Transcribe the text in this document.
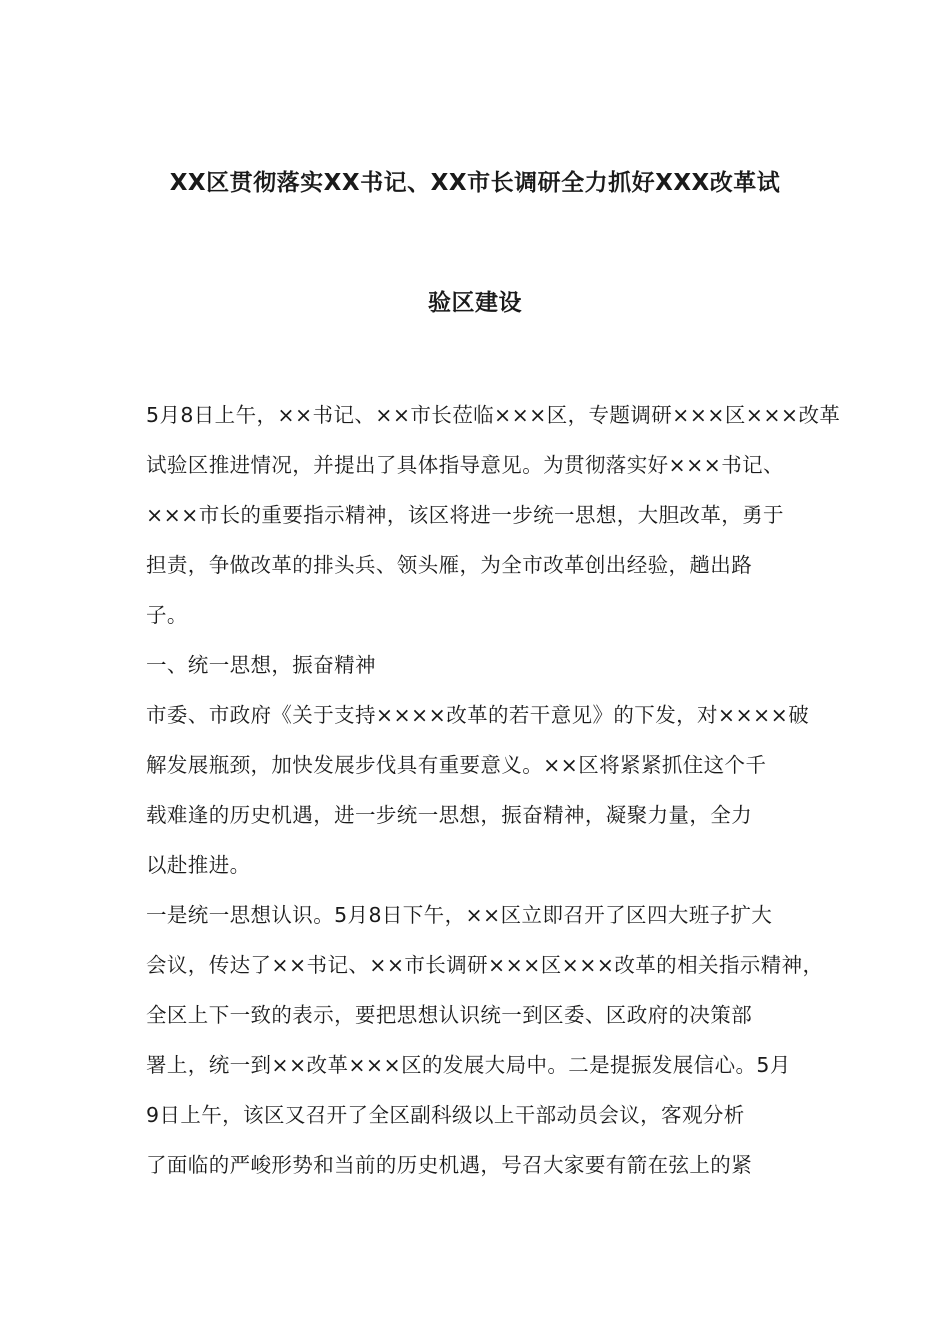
XX区贯彻落实XX书记、XX市长调研全力抓好XXX改革试
验区建设
5月8日上午，××书记、××市长莅临×××区，专题调研×××区×××改革
试验区推进情况，并提出了具体指导意见。为贯彻落实好×××书记、
×××市长的重要指示精神，该区将进一步统一思想，大胆改革，勇于
担责，争做改革的排头兵、领头雁，为全市改革创出经验，趟出路
子。
一、统一思想，振奋精神
市委、市政府《关于支持××××改革的若干意见》的下发，对××××破
解发展瓶颈，加快发展步伐具有重要意义。××区将紧紧抓住这个千
载难逢的历史机遇，进一步统一思想，振奋精神，凝聚力量，全力
以赴推进。
一是统一思想认识。5月8日下午，××区立即召开了区四大班子扩大
会议，传达了××书记、××市长调研×××区×××改革的相关指示精神，
全区上下一致的表示，要把思想认识统一到区委、区政府的决策部
署上，统一到××改革×××区的发展大局中。二是提振发展信心。5月
9日上午，该区又召开了全区副科级以上干部动员会议，客观分析
了面临的严峻形势和当前的历史机遇，号召大家要有箭在弦上的紧
